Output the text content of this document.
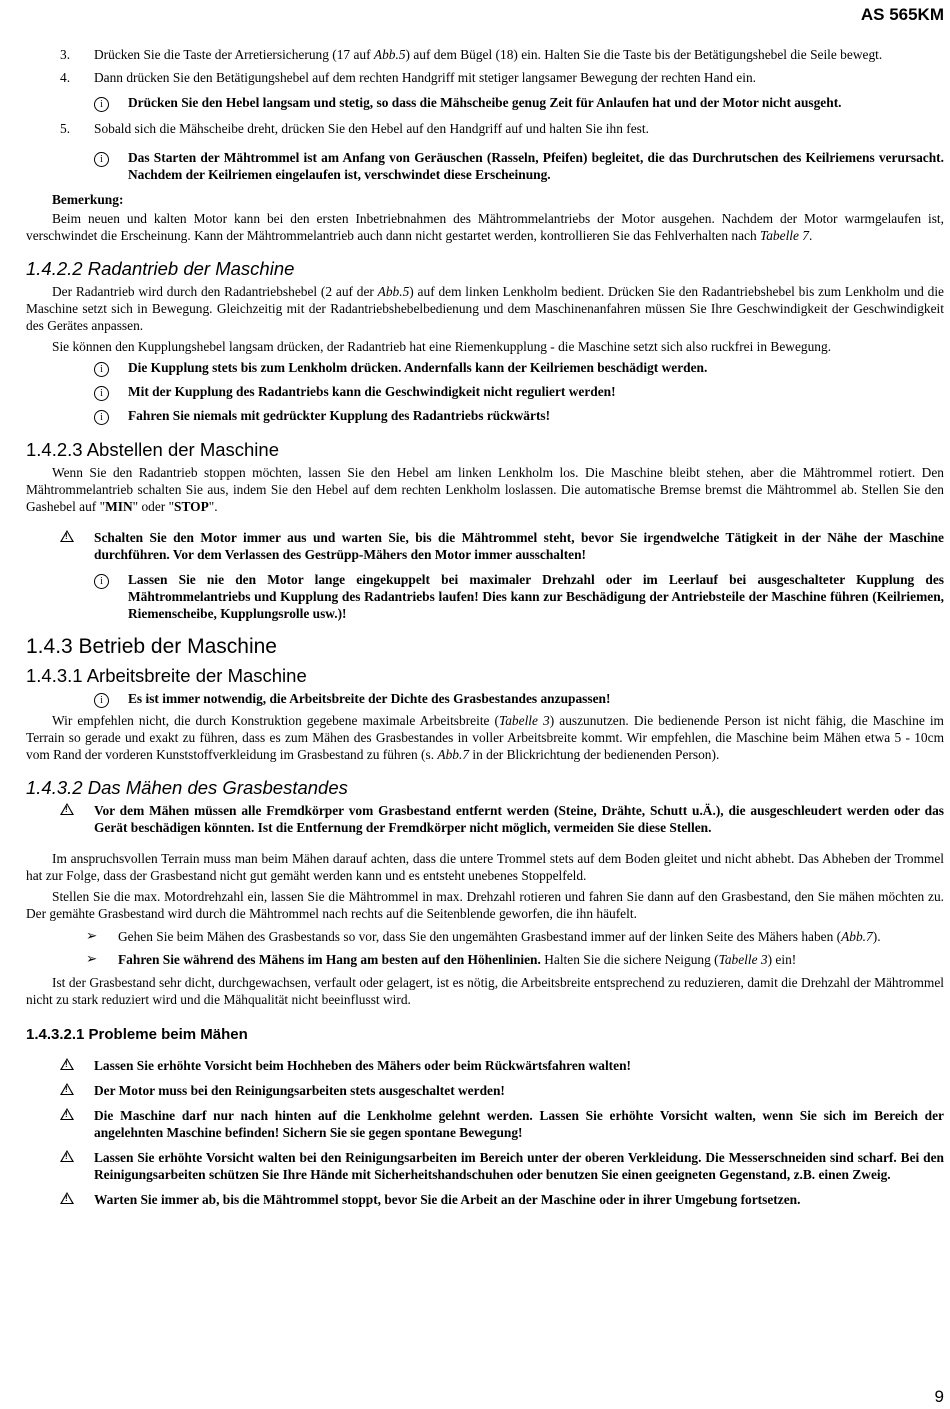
AS 565KM
3.	Drücken Sie die Taste der Arretiersicherung (17 auf Abb.5) auf dem Bügel (18) ein. Halten Sie die Taste bis der Betätigungshebel die Seile bewegt.
4.	Dann drücken Sie den Betätigungshebel auf dem rechten Handgriff mit stetiger langsamer Bewegung der rechten Hand ein.
i	Drücken Sie den Hebel langsam und stetig, so dass die Mähscheibe genug Zeit für Anlaufen hat und der Motor nicht ausgeht.
5.	Sobald sich die Mähscheibe dreht, drücken Sie den Hebel auf den Handgriff auf und halten Sie ihn fest.
i	Das Starten der Mähtrommel ist am Anfang von Geräuschen (Rasseln, Pfeifen) begleitet, die das Durchrutschen des Keilriemens verursacht. Nachdem der Keilriemen eingelaufen ist, verschwindet diese Erscheinung.
Bemerkung:

Beim neuen und kalten Motor kann bei den ersten Inbetriebnahmen des Mähtrommelantriebs der Motor ausgehen. Nachdem der Motor warmgelaufen ist, verschwindet die Erscheinung. Kann der Mähtrommelantrieb auch dann nicht gestartet werden, kontrollieren Sie das Fehlverhalten nach Tabelle 7.

1.4.2.2 Radantrieb der Maschine

Der Radantrieb wird durch den Radantriebshebel (2 auf der Abb.5) auf dem linken Lenkholm bedient. Drücken Sie den Radantriebshebel bis zum Lenkholm und die Maschine setzt sich in Bewegung. Gleichzeitig mit der Radantriebshebelbedienung und dem Maschinenanfahren müssen Sie Ihre Geschwindigkeit der Geschwindigkeit des Gerätes anpassen.

Sie können den Kupplungshebel langsam drücken, der Radantrieb hat eine Riemenkupplung - die Maschine setzt sich also ruckfrei in Bewegung.

i	Die Kupplung stets bis zum Lenkholm drücken. Andernfalls kann der Keilriemen beschädigt werden.
i	Mit der Kupplung des Radantriebs kann die Geschwindigkeit nicht reguliert werden!
i	Fahren Sie niemals mit gedrückter Kupplung des Radantriebs rückwärts!
1.4.2.3 Abstellen der Maschine

Wenn Sie den Radantrieb stoppen möchten, lassen Sie den Hebel am linken Lenkholm los. Die Maschine bleibt stehen, aber die Mähtrommel rotiert. Den Mähtrommelantrieb schalten Sie aus, indem Sie den Hebel auf dem rechten Lenkholm loslassen. Die automatische Bremse bremst die Mähtrommel ab. Stellen Sie den Gashebel auf "MIN" oder "STOP".

! Schalten Sie den Motor immer aus und warten Sie, bis die Mähtrommel steht, bevor Sie irgendwelche Tätigkeit in der Nähe der Maschine durchführen. Vor dem Verlassen des Gestrüpp-Mähers den Motor immer ausschalten!
i	Lassen Sie nie den Motor lange eingekuppelt bei maximaler Drehzahl oder im Leerlauf bei ausgeschalteter Kupplung des Mähtrommelantriebs und Kupplung des Radantriebs laufen! Dies kann zur Beschädigung der Antriebsteile der Maschine führen (Keilriemen, Riemenscheibe, Kupplungsrolle usw.)!
1.4.3 Betrieb der Maschine
1.4.3.1 Arbeitsbreite der Maschine
i	Es ist immer notwendig, die Arbeitsbreite der Dichte des Grasbestandes anzupassen!

Wir empfehlen nicht, die durch Konstruktion gegebene maximale Arbeitsbreite (Tabelle 3) auszunutzen. Die bedienende Person ist nicht fähig, die Maschine im Terrain so gerade und exakt zu führen, dass es zum Mähen des Grasbestandes in voller Arbeitsbreite kommt. Wir empfehlen, die Maschine beim Mähen etwa 5 - 10cm vom Rand der vorderen Kunststoffverkleidung im Grasbestand zu führen (s. Abb.7 in der Blickrichtung der bedienenden Person).

1.4.3.2 Das Mähen des Grasbestandes
! Vor dem Mähen müssen alle Fremdkörper vom Grasbestand entfernt werden (Steine, Drähte, Schutt u.Ä.), die ausgeschleudert werden oder das Gerät beschädigen könnten. Ist die Entfernung der Fremdkörper nicht möglich, vermeiden Sie diese Stellen.

Im anspruchsvollen Terrain muss man beim Mähen darauf achten, dass die untere Trommel stets auf dem Boden gleitet und nicht abhebt. Das Abheben der Trommel hat zur Folge, dass der Grasbestand nicht gut gemäht werden kann und es entsteht unebenes Stoppelfeld.

Stellen Sie die max. Motordrehzahl ein, lassen Sie die Mähtrommel in max. Drehzahl rotieren und fahren Sie dann auf den Grasbestand, den Sie mähen möchten zu. Der gemähte Grasbestand wird durch die Mähtrommel nach rechts auf die Seitenblende geworfen, die ihn häufelt.

➢	Gehen Sie beim Mähen des Grasbestands so vor, dass Sie den ungemähten Grasbestand immer auf der linken Seite des Mähers haben (Abb.7).
➢	Fahren Sie während des Mähens im Hang am besten auf den Höhenlinien. Halten Sie die sichere Neigung (Tabelle 3) ein!

Ist der Grasbestand sehr dicht, durchgewachsen, verfault oder gelagert, ist es nötig, die Arbeitsbreite entsprechend zu reduzieren, damit die Drehzahl der Mähtrommel nicht zu stark reduziert wird und die Mähqualität nicht beeinflusst wird.

1.4.3.2.1 Probleme beim Mähen
! Lassen Sie erhöhte Vorsicht beim Hochheben des Mähers oder beim Rückwärtsfahren walten!
! Der Motor muss bei den Reinigungsarbeiten stets ausgeschaltet werden!
! Die Maschine darf nur nach hinten auf die Lenkholme gelehnt werden. Lassen Sie erhöhte Vorsicht walten, wenn Sie sich im Bereich der angelehnten Maschine befinden! Sichern Sie sie gegen spontane Bewegung!
! Lassen Sie erhöhte Vorsicht walten bei den Reinigungsarbeiten im Bereich unter der oberen Verkleidung. Die Messerschneiden sind scharf. Bei den Reinigungsarbeiten schützen Sie Ihre Hände mit Sicherheitshandschuhen oder benutzen Sie einen geeigneten Gegenstand, z.B. einen Zweig.
! Warten Sie immer ab, bis die Mähtrommel stoppt, bevor Sie die Arbeit an der Maschine oder in ihrer Umgebung fortsetzen.
9
